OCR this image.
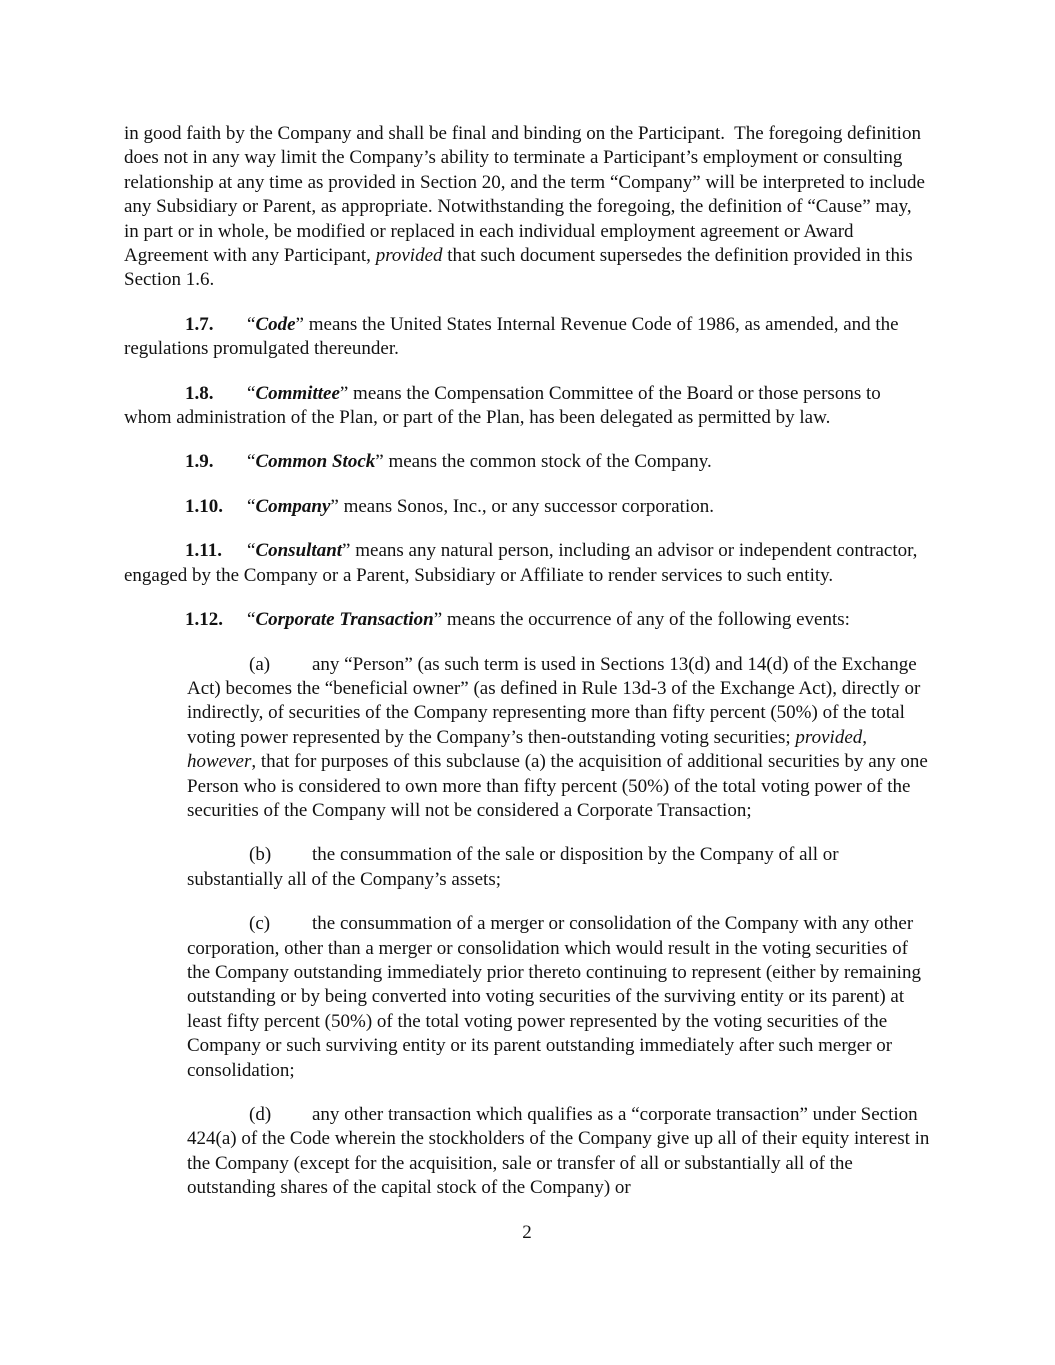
in good faith by the Company and shall be final and binding on the Participant.  The foregoing definition does not in any way limit the Company’s ability to terminate a Participant’s employment or consulting relationship at any time as provided in Section 20, and the term “Company” will be interpreted to include any Subsidiary or Parent, as appropriate. Notwithstanding the foregoing, the definition of “Cause” may, in part or in whole, be modified or replaced in each individual employment agreement or Award Agreement with any Participant, provided that such document supersedes the definition provided in this Section 1.6.

1.7. “Code” means the United States Internal Revenue Code of 1986, as amended, and the regulations promulgated thereunder.

1.8. “Committee” means the Compensation Committee of the Board or those persons to whom administration of the Plan, or part of the Plan, has been delegated as permitted by law.

1.9. “Common Stock” means the common stock of the Company.

1.10. “Company” means Sonos, Inc., or any successor corporation.

1.11. “Consultant” means any natural person, including an advisor or independent contractor, engaged by the Company or a Parent, Subsidiary or Affiliate to render services to such entity.

1.12. “Corporate Transaction” means the occurrence of any of the following events:

(a) any “Person” (as such term is used in Sections 13(d) and 14(d) of the Exchange Act) becomes the “beneficial owner” (as defined in Rule 13d-3 of the Exchange Act), directly or indirectly, of securities of the Company representing more than fifty percent (50%) of the total voting power represented by the Company’s then-outstanding voting securities; provided, however, that for purposes of this subclause (a) the acquisition of additional securities by any one Person who is considered to own more than fifty percent (50%) of the total voting power of the securities of the Company will not be considered a Corporate Transaction;

(b) the consummation of the sale or disposition by the Company of all or substantially all of the Company’s assets;

(c) the consummation of a merger or consolidation of the Company with any other corporation, other than a merger or consolidation which would result in the voting securities of the Company outstanding immediately prior thereto continuing to represent (either by remaining outstanding or by being converted into voting securities of the surviving entity or its parent) at least fifty percent (50%) of the total voting power represented by the voting securities of the Company or such surviving entity or its parent outstanding immediately after such merger or consolidation;

(d) any other transaction which qualifies as a “corporate transaction” under Section 424(a) of the Code wherein the stockholders of the Company give up all of their equity interest in the Company (except for the acquisition, sale or transfer of all or substantially all of the outstanding shares of the capital stock of the Company) or

2
